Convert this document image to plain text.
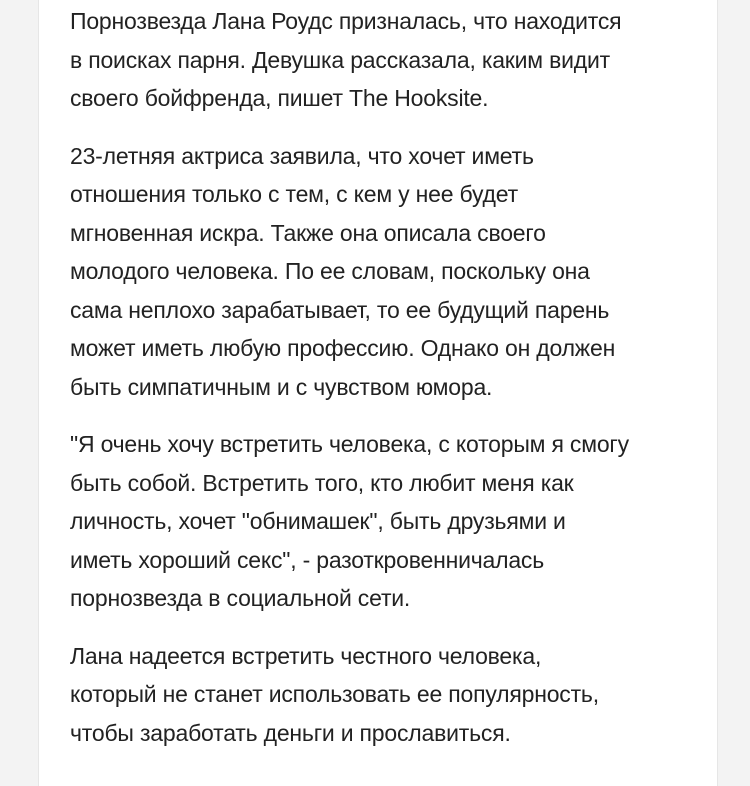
Порнозвезда Лана Роудс призналась, что находится
в поисках парня. Девушка рассказала, каким видит
своего бойфренда, пишет The Hooksite.

23-летняя актриса заявила, что хочет иметь
отношения только с тем, с кем у нее будет
мгновенная искра. Также она описала своего
молодого человека. По ее словам, поскольку она
сама неплохо зарабатывает, то ее будущий парень
может иметь любую профессию. Однако он должен
быть симпатичным и с чувством юмора.

"Я очень хочу встретить человека, с которым я смогу
быть собой. Встретить того, кто любит меня как
личность, хочет "обнимашек", быть друзьями и
иметь хороший секс", - разоткровенничалась
порнозвезда в социальной сети.

Лана надеется встретить честного человека,
который не станет использовать ее популярность,
чтобы заработать деньги и прославиться.
